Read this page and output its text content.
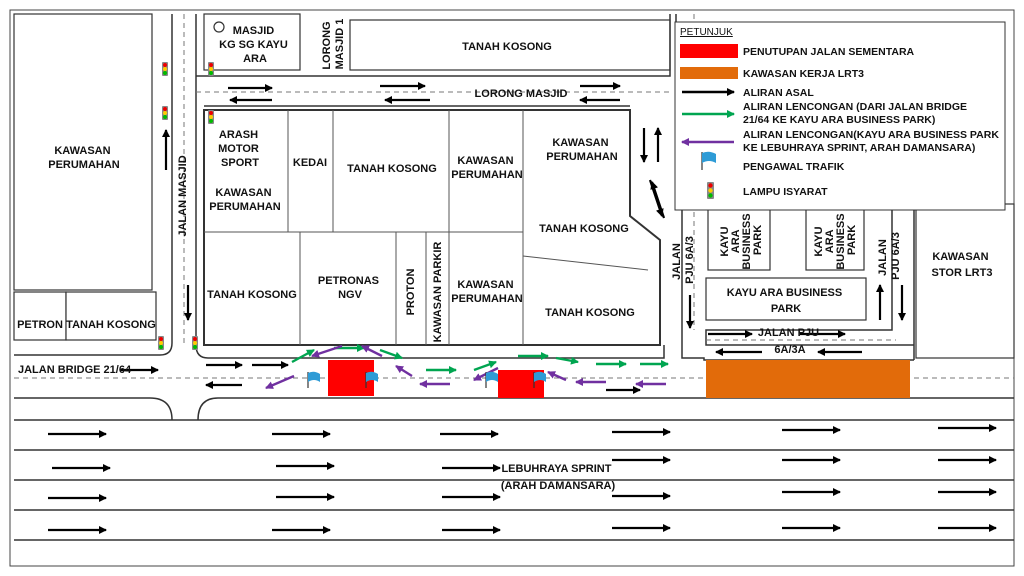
MASJID KG SG KAYU ARA	LORONG MASJID 1	TANAH KOSONG
LORONG MASJID
KAWASAN PERUMAHAN	JALAN MASJID
PETRON TANAH KOSONG
JALAN BRIDGE 21/64
ARASH MOTOR SPORT
KAWASAN PERUMAHAN
KEDAI TANAH KOSONG
KAWASAN PERUMAHAN
KAWASAN PERUMAHAN
TANAH KOSONG
TANAH KOSONG
PETRONAS NGV	PROTON KAWASAN PARKIR	KAWASAN PERUMAHAN
TANAH KOSONG
JALAN PJU 6A/3 KAYU ARA BUSINESS PARK	KAYU ARA BUSINESS PARK
KAYU ARA BUSINESS PARK
JALAN PJU 6A/3
JALAN PJU 6A/3A
KAWASAN STOR LRT3
LEBUHRAYA SPRINT (ARAH DAMANSARA)
PETUNJUK
PENUTUPAN JALAN SEMENTARA
KAWASAN KERJA LRT3
ALIRAN ASAL
ALIRAN LENCONGAN (DARI JALAN BRIDGE 21/64 KE KAYU ARA BUSINESS PARK)
ALIRAN LENCONGAN(KAYU ARA BUSINESS PARK KE LEBUHRAYA SPRINT, ARAH DAMANSARA)
PENGAWAL TRAFIK
LAMPU ISYARAT
